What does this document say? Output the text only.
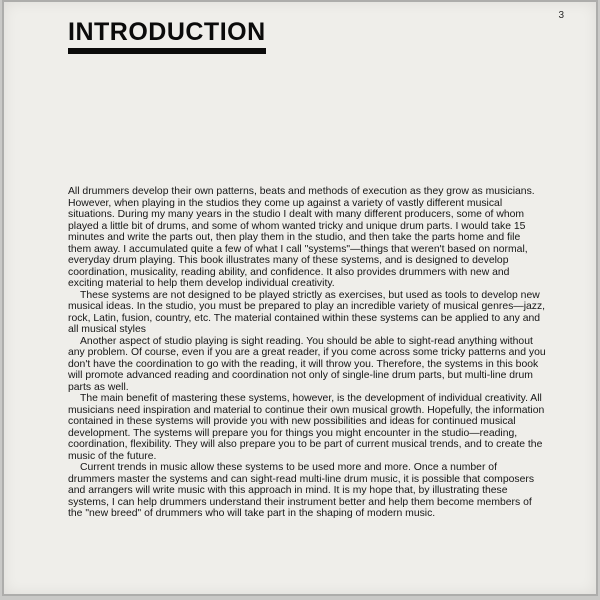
3
INTRODUCTION

All drummers develop their own patterns, beats and methods of execution as they grow as musicians. However, when playing in the studios they come up against a variety of vastly different musical situations. During my many years in the studio I dealt with many different producers, some of whom played a little bit of drums, and some of whom wanted tricky and unique drum parts. I would take 15 minutes and write the parts out, then play them in the studio, and then take the parts home and file them away. I accumulated quite a few of what I call "systems"—things that weren't based on normal, everyday drum playing. This book illustrates many of these systems, and is designed to develop coordination, musicality, reading ability, and confidence. It also provides drummers with new and exciting material to help them develop individual creativity.

These systems are not designed to be played strictly as exercises, but used as tools to develop new musical ideas. In the studio, you must be prepared to play an incredible variety of musical genres—jazz, rock, Latin, fusion, country, etc. The material contained within these systems can be applied to any and all musical styles

Another aspect of studio playing is sight reading. You should be able to sight-read anything without any problem. Of course, even if you are a great reader, if you come across some tricky patterns and you don't have the coordination to go with the reading, it will throw you. Therefore, the systems in this book will promote advanced reading and coordination not only of single-line drum parts, but multi-line drum parts as well.

The main benefit of mastering these systems, however, is the development of individual creativity. All musicians need inspiration and material to continue their own musical growth. Hopefully, the information contained in these systems will provide you with new possibilities and ideas for continued musical development. The systems will prepare you for things you might encounter in the studio—reading, coordination, flexibility. They will also prepare you to be part of current musical trends, and to create the music of the future.

Current trends in music allow these systems to be used more and more. Once a number of drummers master the systems and can sight-read multi-line drum music, it is possible that composers and arrangers will write music with this approach in mind. It is my hope that, by illustrating these systems, I can help drummers understand their instrument better and help them become members of the "new breed" of drummers who will take part in the shaping of modern music.
